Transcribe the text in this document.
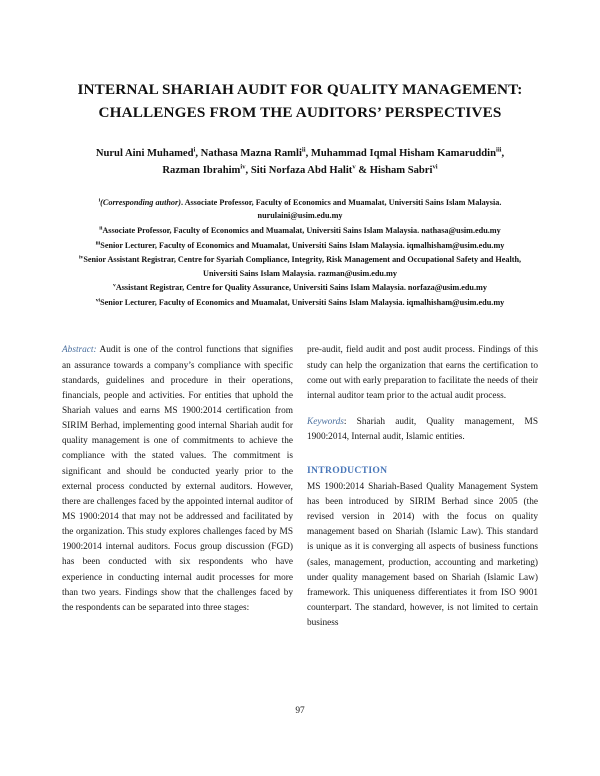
INTERNAL SHARIAH AUDIT FOR QUALITY MANAGEMENT: CHALLENGES FROM THE AUDITORS’ PERSPECTIVES
Nurul Aini Muhamed$^i$, Nathasa Mazna Ramli$^{ii}$, Muhammad Iqmal Hisham Kamaruddin$^{iii}$,
Razman Ibrahim$^{iv}$, Siti Norfaza Abd Halit$^v$ & Hisham Sabri$^{vi}$
$^i$(Corresponding author). Associate Professor, Faculty of Economics and Muamalat, Universiti Sains Islam Malaysia. nurulaini@usim.edu.my
$^{ii}$Associate Professor, Faculty of Economics and Muamalat, Universiti Sains Islam Malaysia. nathasa@usim.edu.my
$^{iii}$Senior Lecturer, Faculty of Economics and Muamalat, Universiti Sains Islam Malaysia. iqmalhisham@usim.edu.my
$^{iv}$Senior Assistant Registrar, Centre for Syariah Compliance, Integrity, Risk Management and Occupational Safety and Health, Universiti Sains Islam Malaysia. razman@usim.edu.my
$^v$Assistant Registrar, Centre for Quality Assurance, Universiti Sains Islam Malaysia. norfaza@usim.edu.my
$^{vi}$Senior Lecturer, Faculty of Economics and Muamalat, Universiti Sains Islam Malaysia. iqmalhisham@usim.edu.my

Abstract: Audit is one of the control functions that signifies an assurance towards a company’s compliance with specific standards, guidelines and procedure in their operations, financials, people and activities. For entities that uphold the Shariah values and earns MS 1900:2014 certification from SIRIM Berhad, implementing good internal Shariah audit for quality management is one of commitments to achieve the compliance with the stated values. The commitment is significant and should be conducted yearly prior to the external process conducted by external auditors. However, there are challenges faced by the appointed internal auditor of MS 1900:2014 that may not be addressed and facilitated by the organization. This study explores challenges faced by MS 1900:2014 internal auditors. Focus group discussion (FGD) has been conducted with six respondents who have experience in conducting internal audit processes for more than two years. Findings show that the challenges faced by the respondents can be separated into three stages:

pre-audit, field audit and post audit process. Findings of this study can help the organization that earns the certification to come out with early preparation to facilitate the needs of their internal auditor team prior to the actual audit process.

Keywords: Shariah audit, Quality management, MS 1900:2014, Internal audit, Islamic entities.

INTRODUCTION

MS 1900:2014 Shariah-Based Quality Management System has been introduced by SIRIM Berhad since 2005 (the revised version in 2014) with the focus on quality management based on Shariah (Islamic Law). This standard is unique as it is converging all aspects of business functions (sales, management, production, accounting and marketing) under quality management based on Shariah (Islamic Law) framework. This uniqueness differentiates it from ISO 9001 counterpart. The standard, however, is not limited to certain business

97
